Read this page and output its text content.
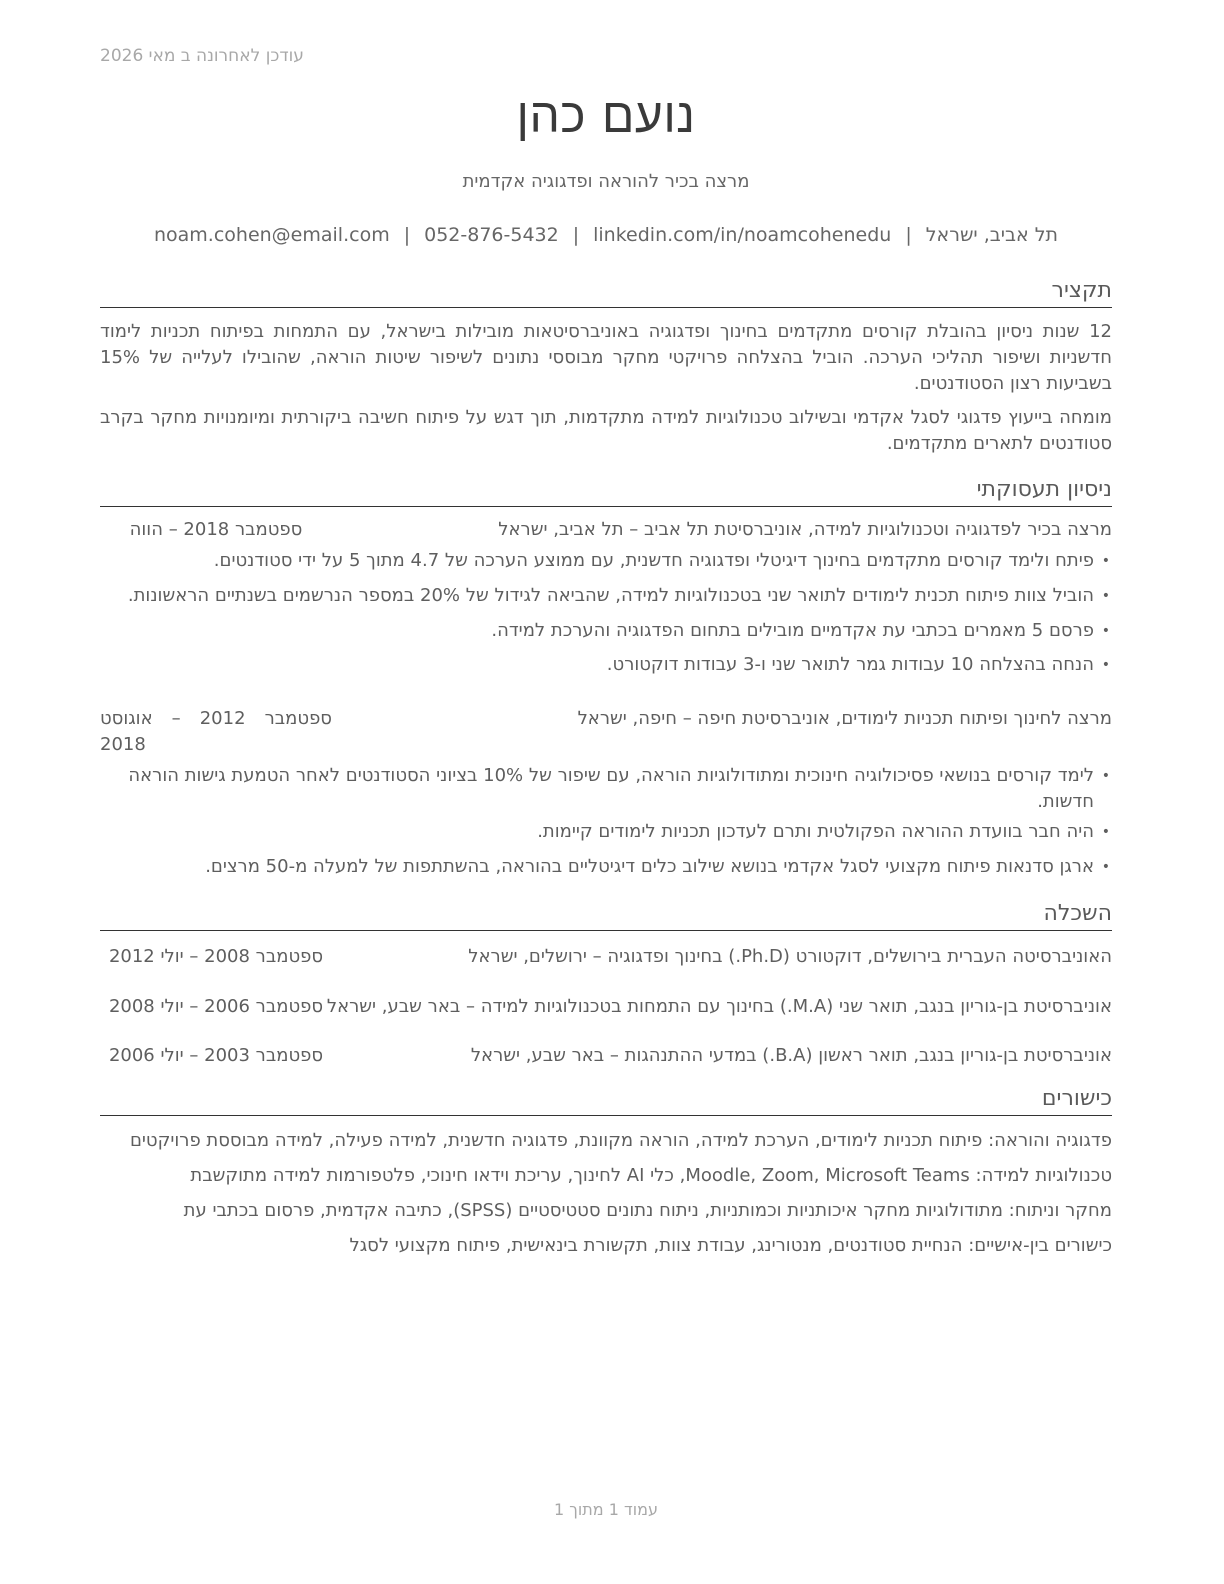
עודכן לאחרונה ב מאי 2026
נועם כהן
מרצה בכיר להוראה ופדגוגיה אקדמית
תל אביב, ישראל|noam.cohen@email.com | 052-876-5432 | linkedin.com/in/noamcohenedu
תקציר
12 שנות ניסיון בהובלת קורסים מתקדמים בחינוך ופדגוגיה באוניברסיטאות מובילות בישראל, עם התמחות בפיתוח תכניות לימוד חדשניות ושיפור תהליכי הערכה. הוביל בהצלחה פרויקטי מחקר מבוססי נתונים לשיפור שיטות הוראה, שהובילו לעלייה של 15% בשביעות רצון הסטודנטים.
מומחה בייעוץ פדגוגי לסגל אקדמי ובשילוב טכנולוגיות למידה מתקדמות, תוך דגש על פיתוח חשיבה ביקורתית ומיומנויות מחקר בקרב סטודנטים לתארים מתקדמים.
ניסיון תעסוקתי
מרצה בכיר לפדגוגיה וטכנולוגיות למידה, אוניברסיטת תל אביב – תל אביב, ישראל
ספטמבר 2018 – הווה
• פיתח ולימד קורסים מתקדמים בחינוך דיגיטלי ופדגוגיה חדשנית, עם ממוצע הערכה של 4.7 מתוך 5 על ידי סטודנטים.
• הוביל צוות פיתוח תכנית לימודים לתואר שני בטכנולוגיות למידה, שהביאה לגידול של 20% במספר הנרשמים בשנתיים הראשונות.
• פרסם 5 מאמרים בכתבי עת אקדמיים מובילים בתחום הפדגוגיה והערכת למידה.
• הנחה בהצלחה 10 עבודות גמר לתואר שני ו-3 עבודות דוקטורט.
מרצה לחינוך ופיתוח תכניות לימודים, אוניברסיטת חיפה – חיפה, ישראל
ספטמבר 2012 – אוגוסט 2018
• לימד קורסים בנושאי פסיכולוגיה חינוכית ומתודולוגיות הוראה, עם שיפור של 10% בציוני הסטודנטים לאחר הטמעת גישות הוראה חדשות.
• היה חבר בוועדת ההוראה הפקולטית ותרם לעדכון תכניות לימודים קיימות.
• ארגן סדנאות פיתוח מקצועי לסגל אקדמי בנושא שילוב כלים דיגיטליים בהוראה, בהשתתפות של למעלה מ-50 מרצים.
השכלה
האוניברסיטה העברית בירושלים, דוקטורט (Ph.D.) בחינוך ופדגוגיה – ירושלים, ישראל
ספטמבר 2008 – יולי 2012
אוניברסיטת בן-גוריון בנגב, תואר שני (M.A.) בחינוך עם התמחות בטכנולוגיות למידה – באר שבע, ישראל
ספטמבר 2006 – יולי 2008
אוניברסיטת בן-גוריון בנגב, תואר ראשון (B.A.) במדעי ההתנהגות – באר שבע, ישראל
ספטמבר 2003 – יולי 2006
כישורים
פדגוגיה והוראה: פיתוח תכניות לימודים, הערכת למידה, הוראה מקוונת, פדגוגיה חדשנית, למידה פעילה, למידה מבוססת פרויקטים
טכנולוגיות למידה: Moodle, Zoom, Microsoft Teams, כלי AI לחינוך, עריכת וידאו חינוכי, פלטפורמות למידה מתוקשבת
מחקר וניתוח: מתודולוגיות מחקר איכותניות וכמותניות, ניתוח נתונים סטטיסטיים (SPSS), כתיבה אקדמית, פרסום בכתבי עת
כישורים בין-אישיים: הנחיית סטודנטים, מנטורינג, עבודת צוות, תקשורת בינאישית, פיתוח מקצועי לסגל
עמוד 1 מתוך 1
